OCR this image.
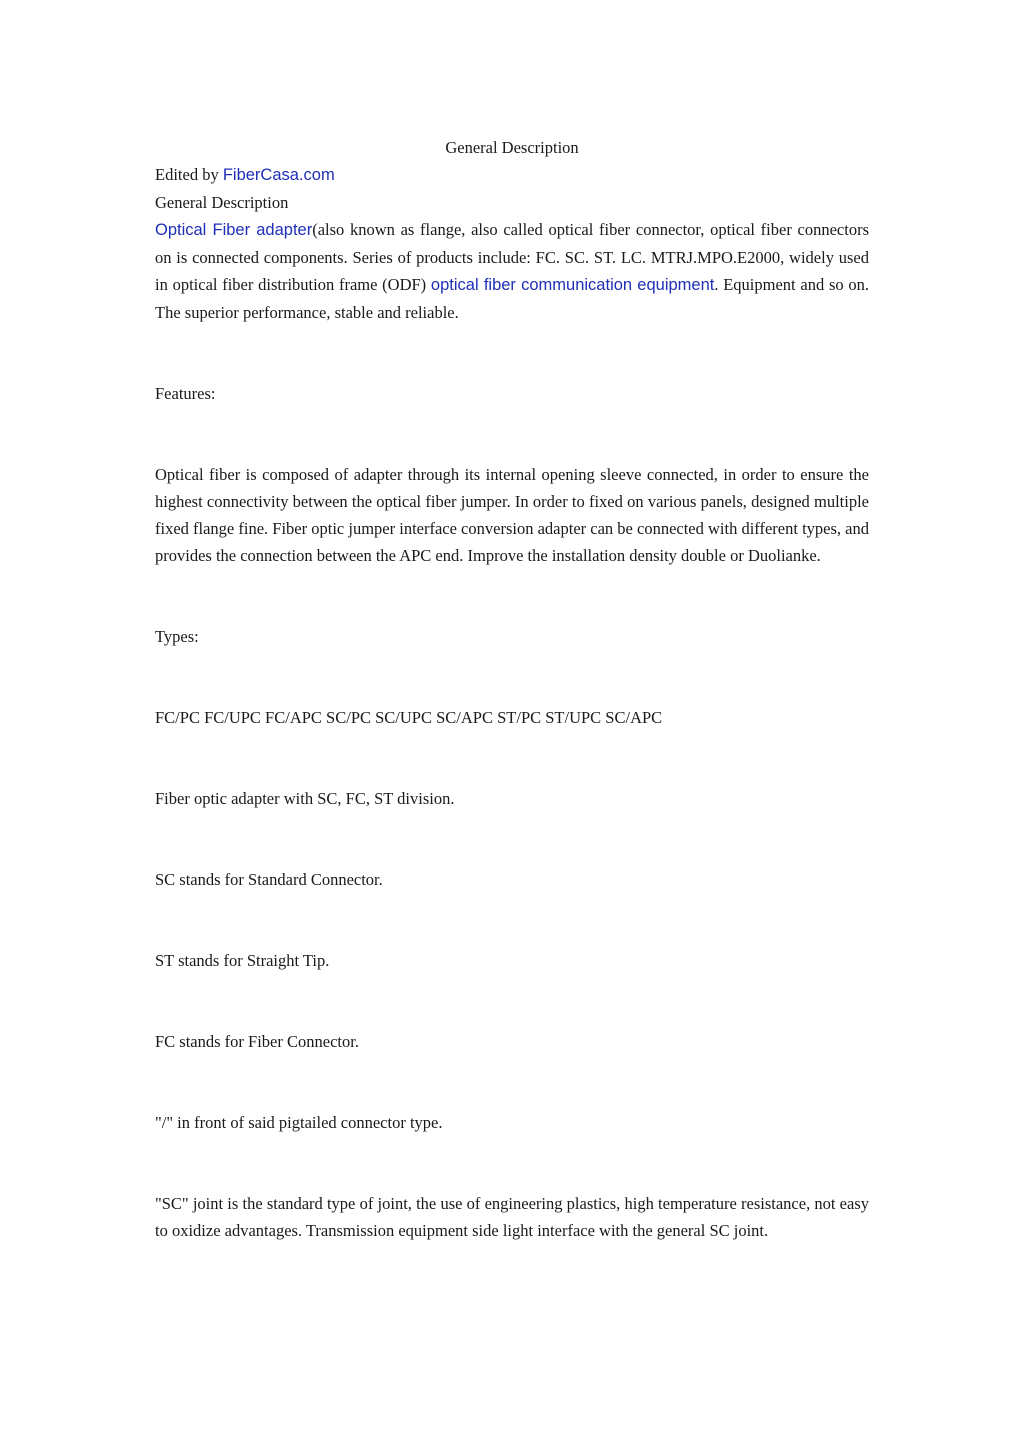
General Description
Edited by FiberCasa.com
General Description

Optical Fiber adapter(also known as flange, also called optical fiber connector, optical fiber connectors on is connected components. Series of products include: FC. SC. ST. LC. MTRJ.MPO.E2000, widely used in optical fiber distribution frame (ODF) optical fiber communication equipment. Equipment and so on. The superior performance, stable and reliable.

Features:

Optical fiber is composed of adapter through its internal opening sleeve connected, in order to ensure the highest connectivity between the optical fiber jumper. In order to fixed on various panels, designed multiple fixed flange fine. Fiber optic jumper interface conversion adapter can be connected with different types, and provides the connection between the APC end. Improve the installation density double or Duolianke.

Types:

FC/PC FC/UPC FC/APC SC/PC SC/UPC SC/APC ST/PC ST/UPC SC/APC

Fiber optic adapter with SC, FC, ST division.

SC stands for Standard Connector.

ST stands for Straight Tip.

FC stands for Fiber Connector.

"/" in front of said pigtailed connector type.

"SC" joint is the standard type of joint, the use of engineering plastics, high temperature resistance, not easy to oxidize advantages. Transmission equipment side light interface with the general SC joint.
